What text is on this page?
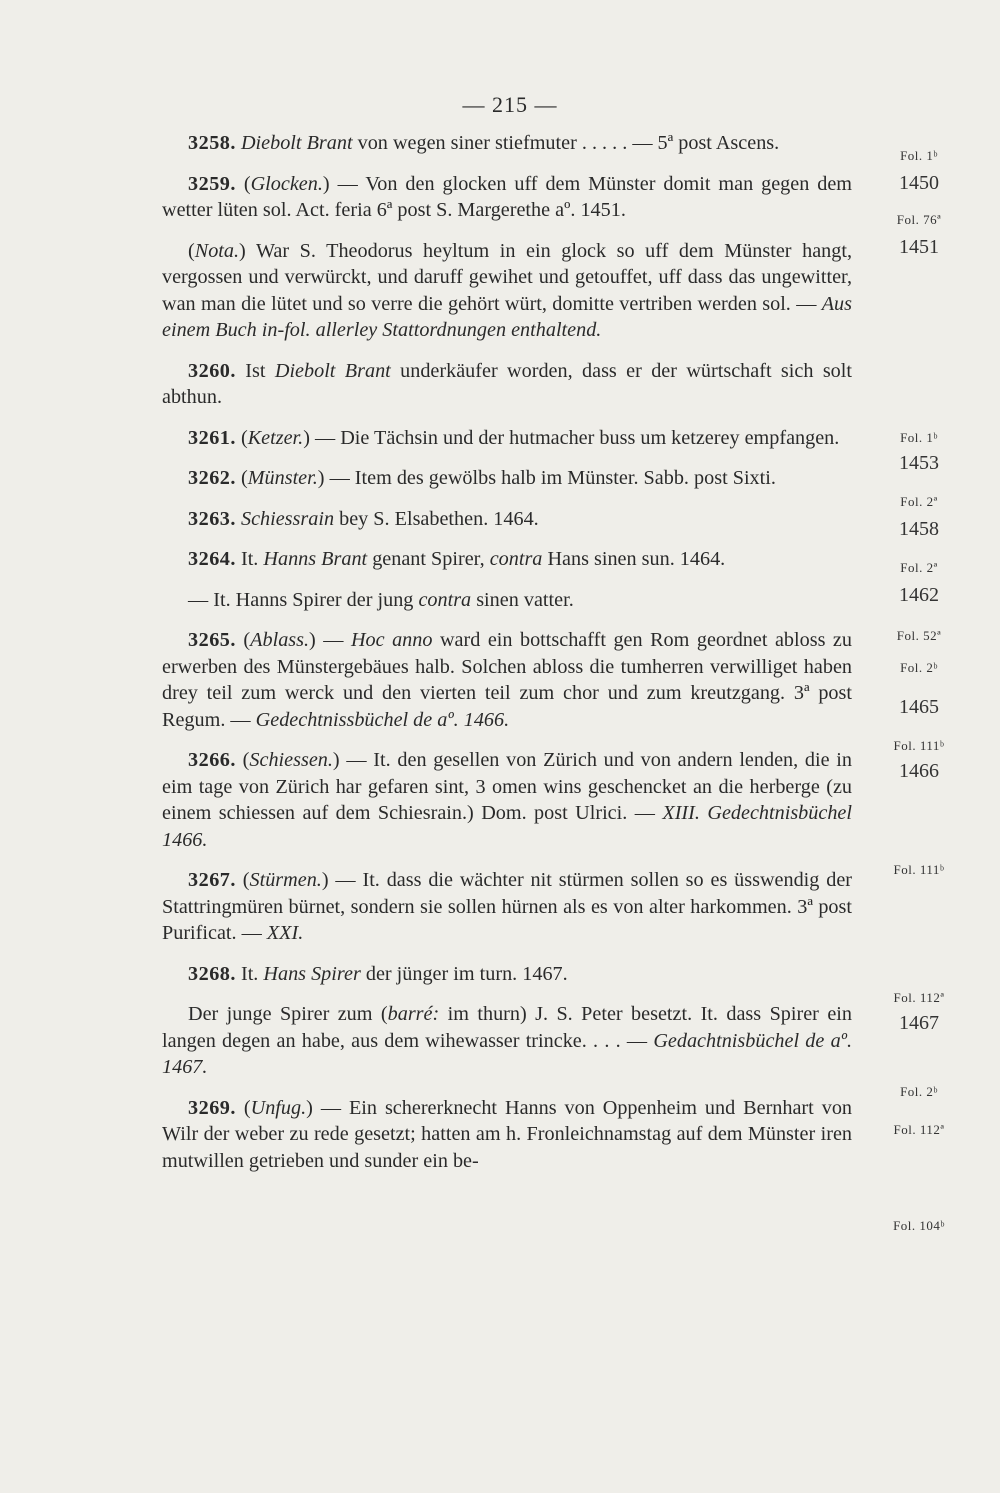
— 215 —

3258. Diebolt Brant von wegen siner stiefmuter . . . . . — 5ª post Ascens.

3259. (Glocken.) — Von den glocken uff dem Münster domit man gegen dem wetter lüten sol. Act. feria 6ª post S. Margerethe aº. 1451.

(Nota.) War S. Theodorus heyltum in ein glock so uff dem Münster hangt, vergossen und verwürckt, und daruff gewihet und getouffet, uff dass das ungewitter, wan man die lütet und so verre die gehört würt, domitte vertriben werden sol. — Aus einem Buch in-fol. allerley Stattordnungen enthaltend.

3260. Ist Diebolt Brant underkäufer worden, dass er der würtschaft sich solt abthun.

3261. (Ketzer.) — Die Tächsin und der hutmacher buss um ketzerey empfangen.

3262. (Münster.) — Item des gewölbs halb im Münster. Sabb. post Sixti.

3263. Schiessrain bey S. Elsabethen. 1464.

3264. It. Hanns Brant genant Spirer, contra Hans sinen sun. 1464.

— It. Hanns Spirer der jung contra sinen vatter.

3265. (Ablass.) — Hoc anno ward ein bottschafft gen Rom geordnet abloss zu erwerben des Münstergebäues halb. Solchen abloss die tumherren verwilliget haben drey teil zum werck und den vierten teil zum chor und zum kreutzgang. 3ª post Regum. — Gedechtnissbüchel de aº. 1466.

3266. (Schiessen.) — It. den gesellen von Zürich und von andern lenden, die in eim tage von Zürich har gefaren sint, 3 omen wins geschencket an die herberge (zu einem schiessen auf dem Schiesrain.) Dom. post Ulrici. — XIII. Gedechtnisbüchel 1466.

3267. (Stürmen.) — It. dass die wächter nit stürmen sollen so es üsswendig der Stattringmüren bürnet, sondern sie sollen hürnen als es von alter harkommen. 3ª post Purificat. — XXI.

3268. It. Hans Spirer der jünger im turn. 1467.

Der junge Spirer zum (barré: im thurn) J. S. Peter besetzt. It. dass Spirer ein langen degen an habe, aus dem wihewasser trincke. . . . — Gedachtnisbüchel de aº. 1467.

3269. (Unfug.) — Ein schererknecht Hanns von Oppenheim und Bernhart von Wilr der weber zu rede gesetzt; hatten am h. Fronleichnamstag auf dem Münster iren mutwillen getrieben und sunder ein be-

Fol. 1ᵇ
1450
Fol. 76ª
1451
Fol. 1ᵇ
1453
Fol. 2ª
1458
Fol. 2ª
1462
Fol. 52ª
Fol. 2ᵇ
1465
Fol. 111ᵇ
1466
Fol. 111ᵇ
Fol. 112ª
1467
Fol. 2ᵇ
Fol. 112ª
Fol. 104ᵇ
